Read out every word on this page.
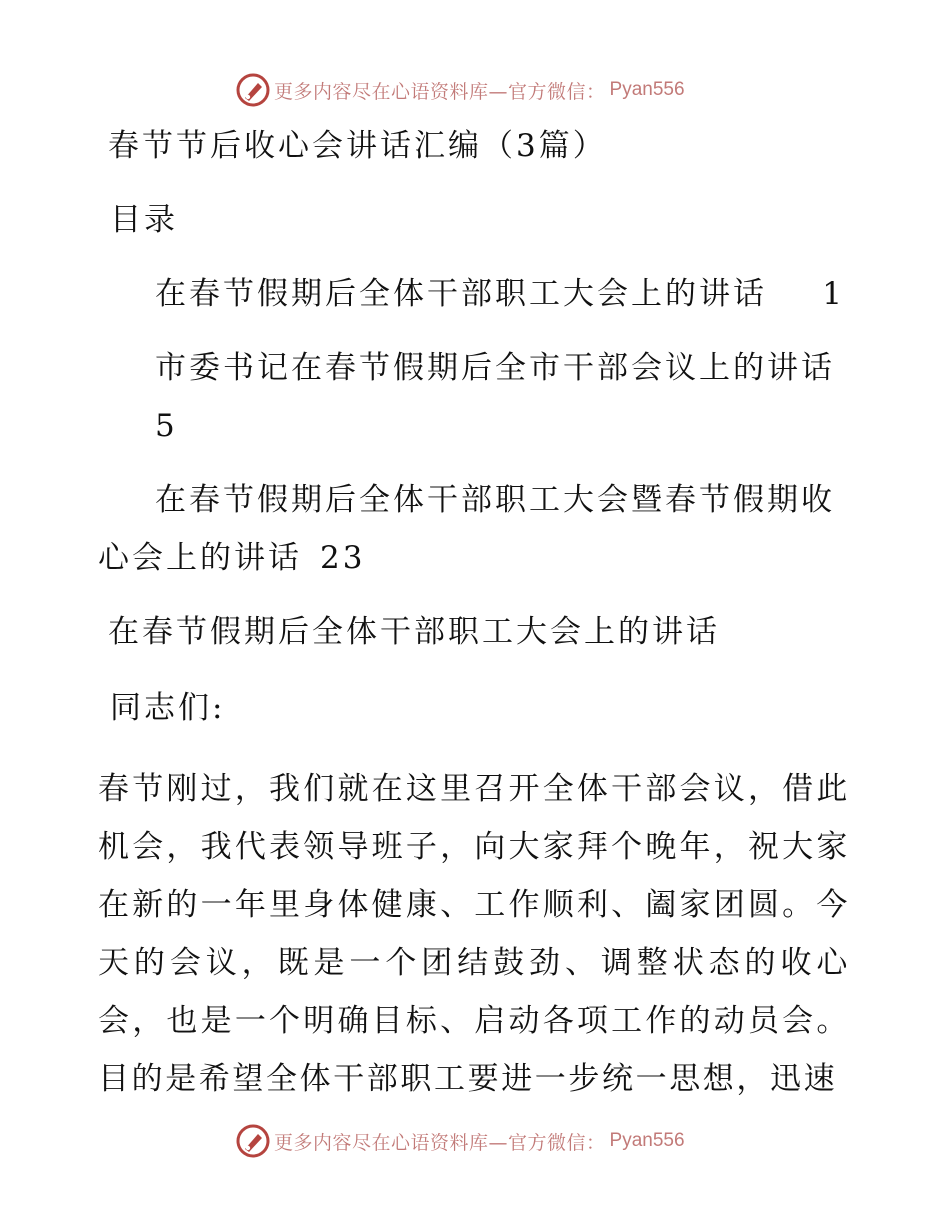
更多内容尽在心语资料库—官方微信： Pyan556
春节节后收心会讲话汇编（3篇）
目录
在春节假期后全体干部职工大会上的讲话 1
市委书记在春节假期后全市干部会议上的讲话
5
在春节假期后全体干部职工大会暨春节假期收
心会上的讲话 23
在春节假期后全体干部职工大会上的讲话
同志们:
春节刚过，我们就在这里召开全体干部会议，借此机会，我代表领导班子，向大家拜个晚年，祝大家在新的一年里身体健康、工作顺利、阖家团圆。今天的会议，既是一个团结鼓劲、调整状态的收心会，也是一个明确目标、启动各项工作的动员会。目的是希望全体干部职工要进一步统一思想，迅速
更多内容尽在心语资料库—官方微信： Pyan556
